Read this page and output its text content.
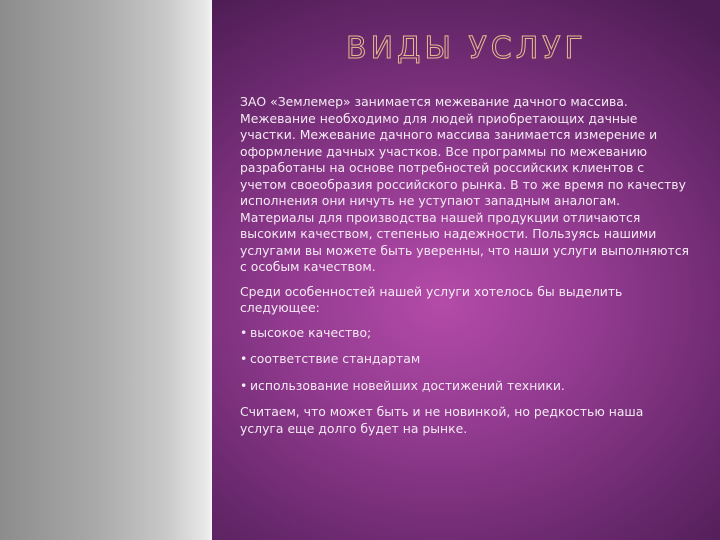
ВИДЫ УСЛУГ

ЗАО «Землемер» занимается межевание дачного массива. Межевание необходимо для людей приобретающих дачные участки. Межевание дачного массива занимается измерение и оформление дачных участков. Все программы по межеванию разработаны на основе потребностей российских клиентов с учетом своеобразия российского рынка. В то же время по качеству исполнения они ничуть не уступают западным аналогам. Материалы для производства нашей продукции отличаются высоким качеством, степенью надежности. Пользуясь нашими услугами вы можете быть уверенны, что наши услуги выполняются с особым качеством.

Среди особенностей нашей услуги хотелось бы выделить следующее:

• высокое качество;

• соответствие стандартам

• использование новейших достижений техники.

Считаем, что может быть и не новинкой, но редкостью наша услуга еще долго будет на рынке.
